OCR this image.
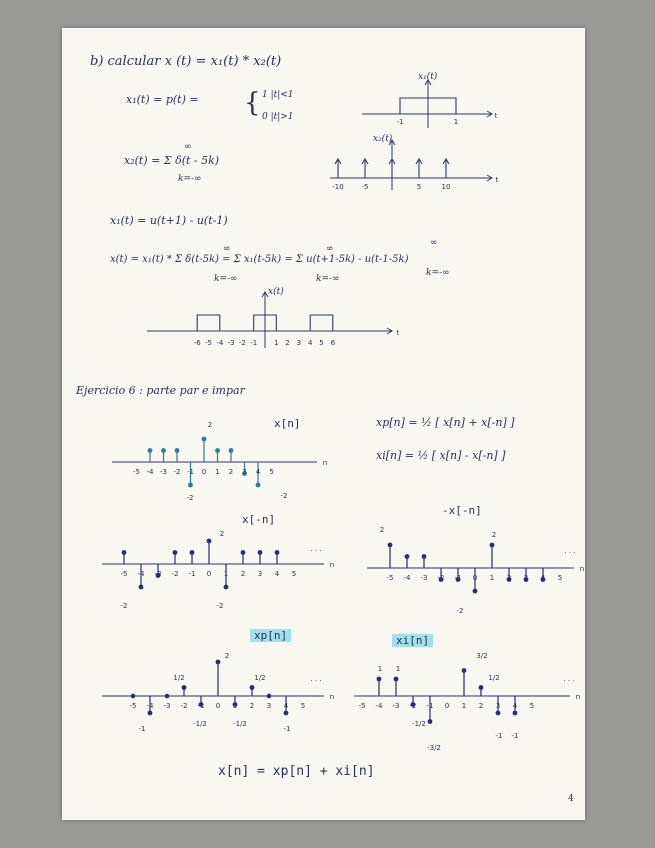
b) calcular x (t) = x₁(t) * x₂(t)
x₁(t) = p(t) = { 1 |t|<1
0 |t|>1
x₁(t)
x₂(t) = Σ δ(t - 5k)
∞
k=-∞
x₂(t)
x₁(t) = u(t+1) - u(t-1)
x(t) = x₁(t) * Σ δ(t-5k) = Σ x₁(t-5k) = Σ u(t+1-5k) - u(t-1-5k)
∞	∞
∞
k=-∞	k=-∞
k=-∞
x(t)
Ejercicio 6 : parte par e impar
x[n]	xp[n] = ½ [ x[n] + x[-n] ]
xi[n] = ½ [ x[n] - x[-n] ]
x[-n]
-x[-n]
xp[n]	xi[n]
x[n] = xp[n] + xi[n]
4
-1	1
t
-10	-5	5	10
t
-6 -5 -4 -3 -2 -1 1 2 3 4 5 6
t
-5 -4 -3 -2 -1 0 1 2 3 4 5
n
2
-2	-2
-5 -4 -3 -2 -1 0 1 2 3 4 5
n
2
-2	-2
· · ·
-5 -4 -3 -2 -1 0 1 2 3 4 5
n
2
2
-2
· · ·
-5 -4 -3 -2 -1 0 1 2 3 4 5
n
2
1/2	1/2
-1
-1/2	-1/2
-1
· · ·
-5 -4 -3 -2 -1 0 1 2 3 4 5
n
3/2
1 1
1/2
-1/2
-3/2
-1 -1
· · ·
